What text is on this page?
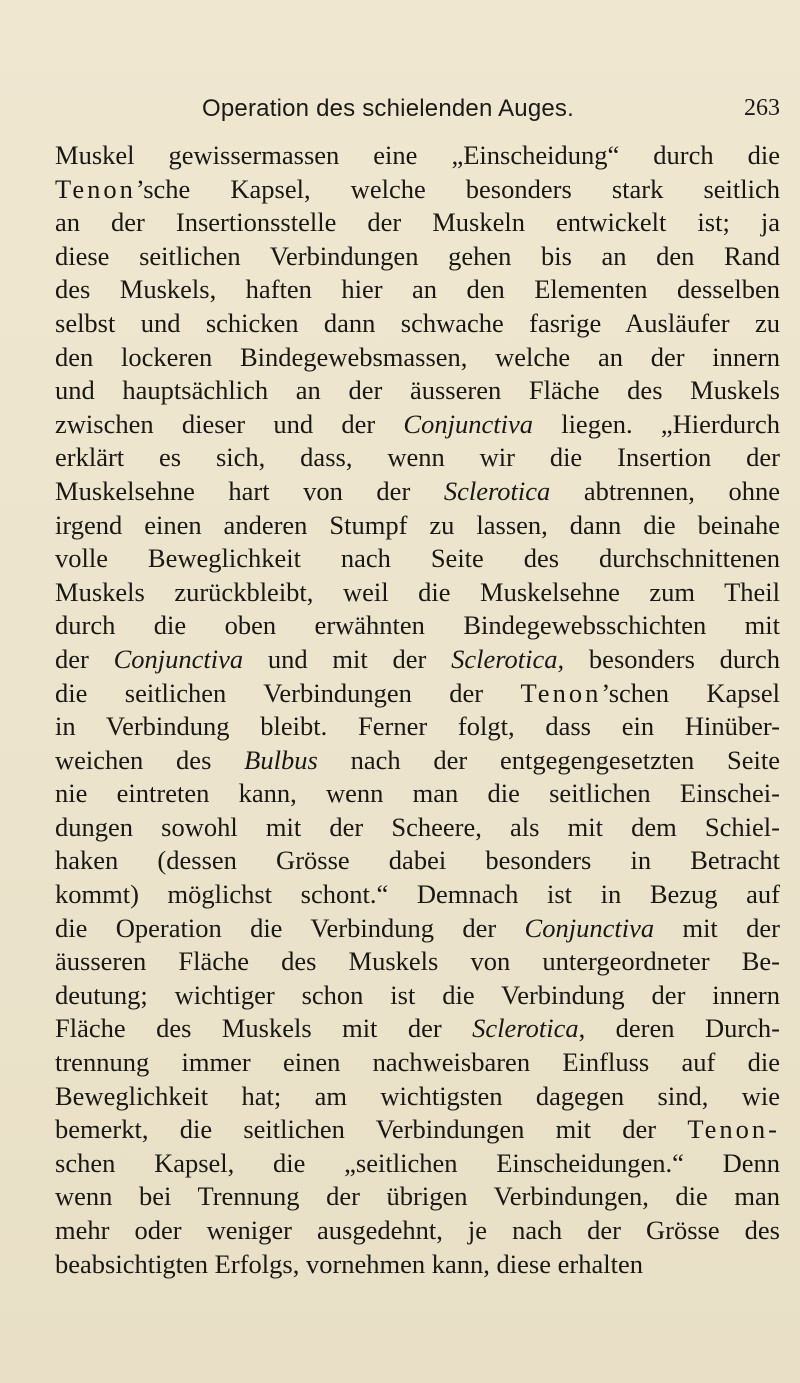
Operation des schielenden Auges.	263
Muskel gewissermassen eine „Einscheidung“ durch die
Tenon’sche Kapsel, welche besonders stark seitlich
an der Insertionsstelle der Muskeln entwickelt ist; ja
diese seitlichen Verbindungen gehen bis an den Rand
des Muskels, haften hier an den Elementen desselben
selbst und schicken dann schwache fasrige Ausläufer zu
den lockeren Bindegewebsmassen, welche an der innern
und hauptsächlich an der äusseren Fläche des Muskels
zwischen dieser und der Conjunctiva liegen. „Hierdurch
erklärt es sich, dass, wenn wir die Insertion der
Muskelsehne hart von der Sclerotica abtrennen, ohne
irgend einen anderen Stumpf zu lassen, dann die beinahe
volle Beweglichkeit nach Seite des durchschnittenen
Muskels zurückbleibt, weil die Muskelsehne zum Theil
durch die oben erwähnten Bindegewebsschichten mit
der Conjunctiva und mit der Sclerotica, besonders durch
die seitlichen Verbindungen der Tenon’schen Kapsel
in Verbindung bleibt. Ferner folgt, dass ein Hinüber-
weichen des Bulbus nach der entgegengesetzten Seite
nie eintreten kann, wenn man die seitlichen Einschei-
dungen sowohl mit der Scheere, als mit dem Schiel-
haken (dessen Grösse dabei besonders in Betracht
kommt) möglichst schont.“ Demnach ist in Bezug auf
die Operation die Verbindung der Conjunctiva mit der
äusseren Fläche des Muskels von untergeordneter Be-
deutung; wichtiger schon ist die Verbindung der innern
Fläche des Muskels mit der Sclerotica, deren Durch-
trennung immer einen nachweisbaren Einfluss auf die
Beweglichkeit hat; am wichtigsten dagegen sind, wie
bemerkt, die seitlichen Verbindungen mit der Tenon-
schen Kapsel, die „seitlichen Einscheidungen.“ Denn
wenn bei Trennung der übrigen Verbindungen, die man
mehr oder weniger ausgedehnt, je nach der Grösse des
beabsichtigten Erfolgs, vornehmen kann, diese erhalten
